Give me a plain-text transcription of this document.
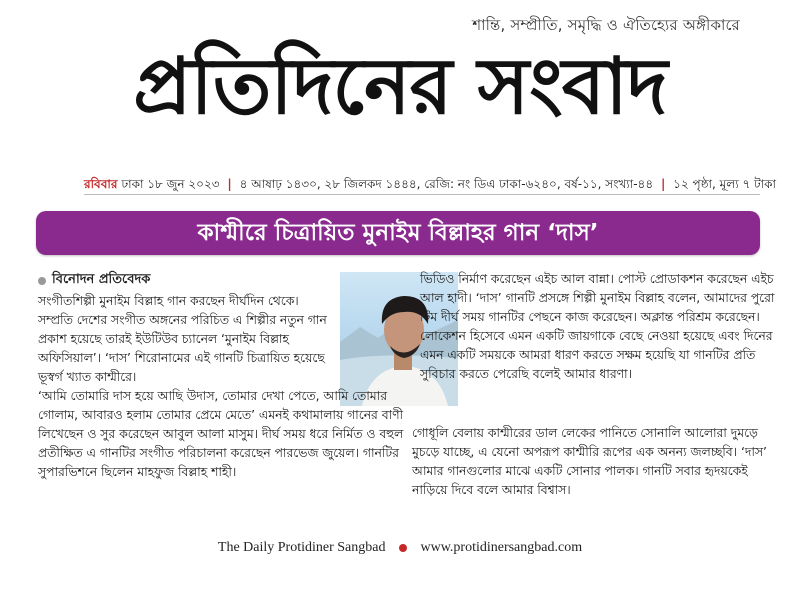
শান্তি, সম্প্রীতি, সমৃদ্ধি ও ঐতিহ্যের অঙ্গীকারে
প্রতিদিনের সবাদ
রবিবার ঢাকা ১৮ জুন ২০২৩ | ৪ আষাঢ় ১৪৩০, ২৮ জিলকদ ১৪৪৪, রেজি: নং ডিএ ঢাকা-৬২৪০, বর্ষ-১১, সংখ্যা-৪৪ | ১২ পৃষ্ঠা, মূল্য ৭ টাকা
কাশ্মীরে চিত্রায়িত মুনাইম বিল্লাহর গান ‘দাস’
বিনোদন প্রতিবেদক

সংগীতশিল্পী মুনাইম বিল্লাহ গান করছেন দীর্ঘদিন থেকে। সম্প্রতি দেশের সংগীত অঙ্গনের পরিচিত এ শিল্পীর নতুন গান প্রকাশ হয়েছে তারই ইউটিউব চ্যানেল ‘মুনাইম বিল্লাহ অফিসিয়াল’। ‘দাস’ শিরোনামের এই গানটি চিত্রায়িত হয়েছে ভূস্বর্গ খ্যাত কাশ্মীরে।

‘আমি তোমারি দাস হয়ে আছি উদাস, তোমার দেখা পেতে, আমি তোমার গোলাম, আবারও হলাম তোমার প্রেমে মেতে’ এমনই কথামালায় গানের বাণী লিখেছেন ও সুর করেছেন আবুল আলা মাসুম। দীর্ঘ সময় ধরে নির্মিত ও বহুল প্রতীক্ষিত এ গানটির সংগীত পরিচালনা করেছেন পারভেজ জুয়েল। গানটির সুপারভিশনে ছিলেন মাহফুজ বিল্লাহ শাহী।

ভিডিও নির্মাণ করেছেন এইচ আল বান্না। পোস্ট প্রোডাকশন করেছেন এইচ আল হাদী। ‘দাস’ গানটি প্রসঙ্গে শিল্পী মুনাইম বিল্লাহ বলেন, আমাদের পুরো টিম দীর্ঘ সময় গানটির পেছনে কাজ করেছেন। অক্লান্ত পরিশ্রম করেছেন। লোকেশন হিসেবে এমন একটি জায়গাকে বেছে নেওয়া হয়েছে এবং দিনের এমন একটি সময়কে আমরা ধারণ করতে সক্ষম হয়েছি যা গানটির প্রতি সুবিচার করতে পেরেছি বলেই আমার ধারণা।

গোধূলি বেলায় কাশ্মীরের ডাল লেকের পানিতে সোনালি আলোরা দুমড়ে মুচড়ে যাচ্ছে, এ যেনো অপরূপ কাশ্মীরি রূপের এক অনন্য জলচ্ছবি। ‘দাস’ আমার গানগুলোর মাঝে একটি সোনার পালক। গানটি সবার হৃদয়কেই নাড়িয়ে দিবে বলে আমার বিশ্বাস।

The Daily Protidiner Sangbad	www.protidinersangbad.com
